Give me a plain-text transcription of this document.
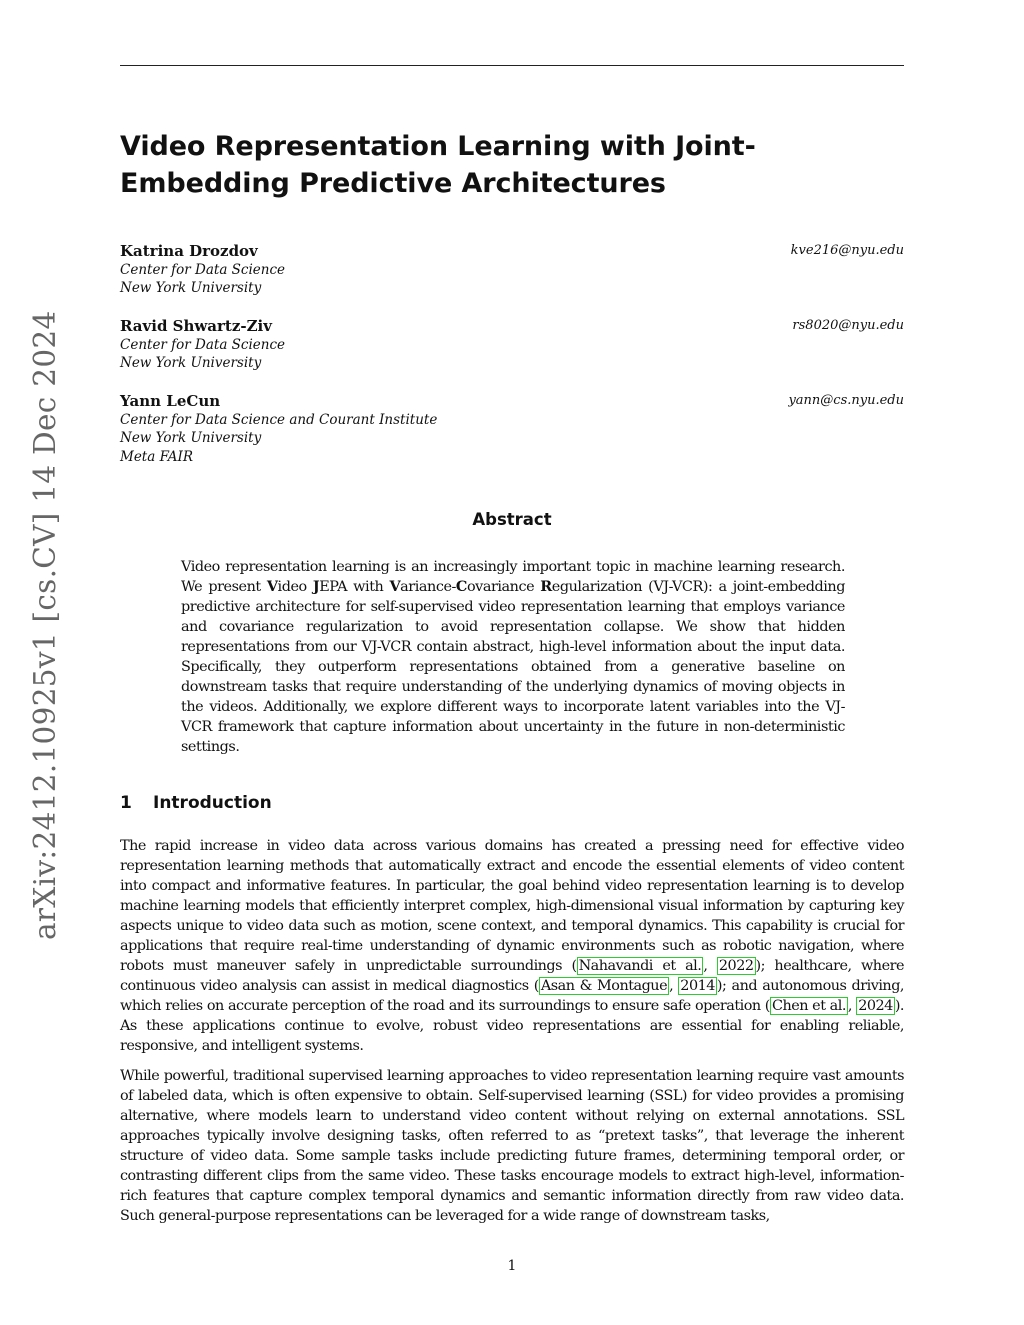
arXiv:2412.10925v1 [cs.CV] 14 Dec 2024
Video Representation Learning with Joint-Embedding Predictive Architectures
Katrina Drozdov	kve216@nyu.edu
Center for Data Science
New York University
Ravid Shwartz-Ziv	rs8020@nyu.edu
Center for Data Science
New York University
Yann LeCun	yann@cs.nyu.edu
Center for Data Science and Courant Institute
New York University
Meta FAIR
Abstract

Video representation learning is an increasingly important topic in machine learning research. We present Video JEPA with Variance-Covariance Regularization (VJ-VCR): a joint-embedding predictive architecture for self-supervised video representation learning that employs variance and covariance regularization to avoid representation collapse. We show that hidden representations from our VJ-VCR contain abstract, high-level information about the input data. Specifically, they outperform representations obtained from a generative baseline on downstream tasks that require understanding of the underlying dynamics of moving objects in the videos. Additionally, we explore different ways to incorporate latent variables into the VJ-VCR framework that capture information about uncertainty in the future in non-deterministic settings.

1 Introduction

The rapid increase in video data across various domains has created a pressing need for effective video representation learning methods that automatically extract and encode the essential elements of video content into compact and informative features. In particular, the goal behind video representation learning is to develop machine learning models that efficiently interpret complex, high-dimensional visual information by capturing key aspects unique to video data such as motion, scene context, and temporal dynamics. This capability is crucial for applications that require real-time understanding of dynamic environments such as robotic navigation, where robots must maneuver safely in unpredictable surroundings ( Nahavandi et al. , 2022 ); healthcare, where continuous video analysis can assist in medical diagnostics ( Asan & Montague , 2014 ); and autonomous driving, which relies on accurate perception of the road and its surroundings to ensure safe operation ( Chen et al. , 2024 ). As these applications continue to evolve, robust video representations are essential for enabling reliable, responsive, and intelligent systems.

While powerful, traditional supervised learning approaches to video representation learning require vast amounts of labeled data, which is often expensive to obtain. Self-supervised learning (SSL) for video provides a promising alternative, where models learn to understand video content without relying on external annotations. SSL approaches typically involve designing tasks, often referred to as “pretext tasks”, that leverage the inherent structure of video data. Some sample tasks include predicting future frames, determining temporal order, or contrasting different clips from the same video. These tasks encourage models to extract high-level, information-rich features that capture complex temporal dynamics and semantic information directly from raw video data. Such general-purpose representations can be leveraged for a wide range of downstream tasks,

1
